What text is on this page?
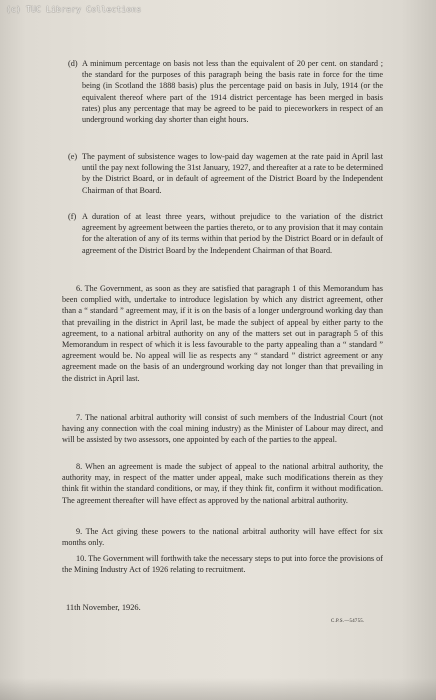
(c) TUC Library Collections

(d) A minimum percentage on basis not less than the equivalent of 20 per cent. on standard ; the standard for the purposes of this paragraph being the basis rate in force for the time being (in Scotland the 1888 basis) plus the percentage paid on basis in July, 1914 (or the equivalent thereof where part of the 1914 district percentage has been merged in basis rates) plus any percentage that may be agreed to be paid to pieceworkers in respect of an underground working day shorter than eight hours.

(e) The payment of subsistence wages to low-paid day wagemen at the rate paid in April last until the pay next following the 31st January, 1927, and thereafter at a rate to be determined by the District Board, or in default of agreement of the District Board by the Independent Chairman of that Board.

(f) A duration of at least three years, without prejudice to the variation of the district agreement by agreement between the parties thereto, or to any provision that it may contain for the alteration of any of its terms within that period by the District Board or in default of agreement of the District Board by the Independent Chairman of that Board.

6. The Government, as soon as they are satisfied that paragraph 1 of this Memorandum has been complied with, undertake to introduce legislation by which any district agreement, other than a “ standard ” agreement may, if it is on the basis of a longer underground working day than that prevailing in the district in April last, be made the subject of appeal by either party to the agreement, to a national arbitral authority on any of the matters set out in paragraph 5 of this Memorandum in respect of which it is less favourable to the party appealing than a “ standard ” agreement would be. No appeal will lie as respects any “ standard ” district agreement or any agreement made on the basis of an underground working day not longer than that prevailing in the district in April last.

7. The national arbitral authority will consist of such members of the Industrial Court (not having any connection with the coal mining industry) as the Minister of Labour may direct, and will be assisted by two assessors, one appointed by each of the parties to the appeal.

8. When an agreement is made the subject of appeal to the national arbitral authority, the authority may, in respect of the matter under appeal, make such modifications therein as they think fit within the standard conditions, or may, if they think fit, confirm it without modification. The agreement thereafter will have effect as approved by the national arbitral authority.

9. The Act giving these powers to the national arbitral authority will have effect for six months only.

10. The Government will forthwith take the necessary steps to put into force the provisions of the Mining Industry Act of 1926 relating to recruitment.

11th November, 1926.
C.P.S.—54755.
